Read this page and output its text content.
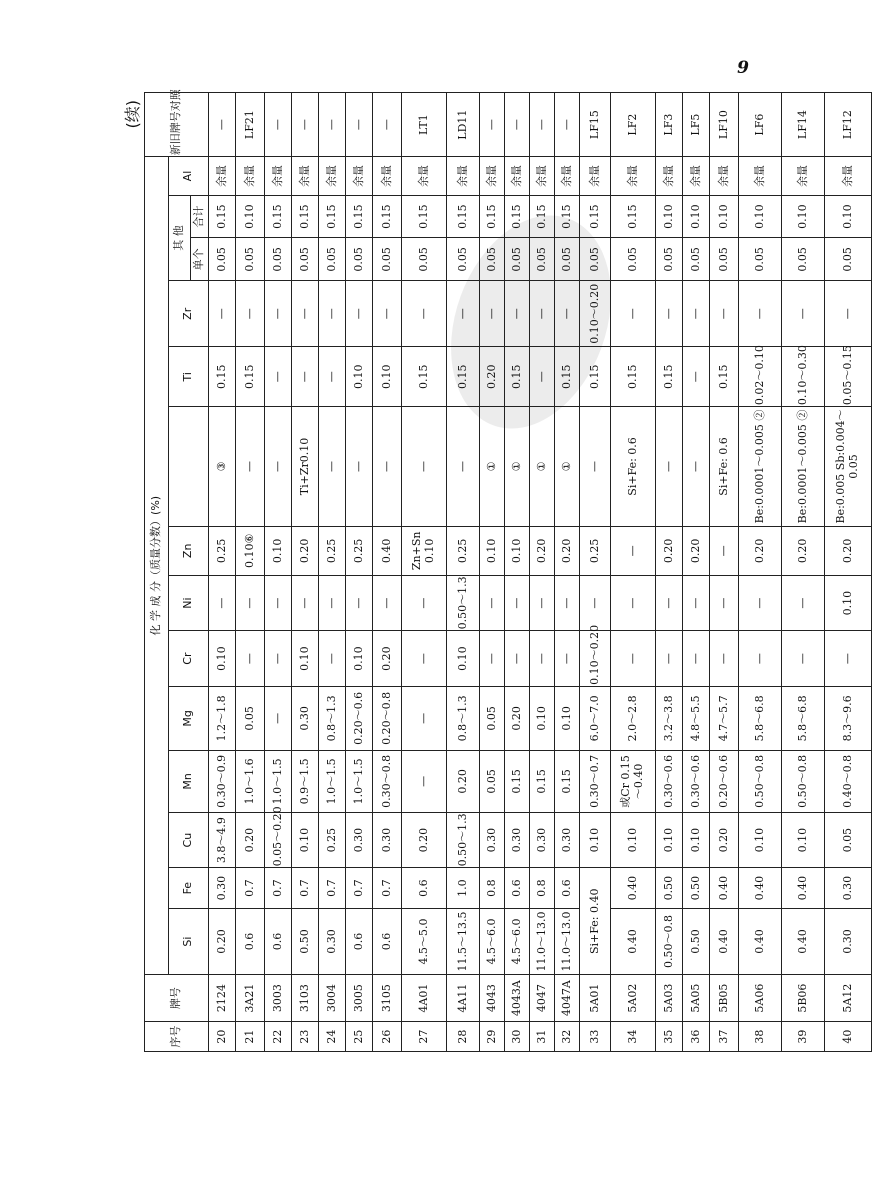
9
(续)
序号	牌号	化 学 成 分（质量分数）(%)														新旧牌号对照
		Si	Fe	Cu	Mn	Mg	Cr	Ni	Zn		Ti	Zr	其 他		Al	
													单个	合计		
20	2124	0.20	0.30	3.8～4.9	0.30～0.9	1.2～1.8	0.10	—	0.25	③	0.15	—	0.05	0.15	余量	—
21	3A21	0.6	0.7	0.20	1.0～1.6	0.05	—	—	0.10⑥	—	0.15	—	0.05	0.10	余量	LF21
22	3003	0.6	0.7	0.05～0.20	1.0～1.5	—	—	—	0.10	—	—	—	0.05	0.15	余量	—
23	3103	0.50	0.7	0.10	0.9～1.5	0.30	0.10	—	0.20	Ti+Zr0.10	—	—	0.05	0.15	余量	—
24	3004	0.30	0.7	0.25	1.0～1.5	0.8～1.3	—	—	0.25	—	—	—	0.05	0.15	余量	—
25	3005	0.6	0.7	0.30	1.0～1.5	0.20～0.6	0.10	—	0.25	—	0.10	—	0.05	0.15	余量	—
26	3105	0.6	0.7	0.30	0.30～0.8	0.20～0.8	0.20	—	0.40	—	0.10	—	0.05	0.15	余量	—
27	4A01	4.5～5.0	0.6	0.20	—	—	—	—	Zn+Sn 0.10	—	0.15	—	0.05	0.15	余量	LT1
28	4A11	11.5～13.5	1.0	0.50～1.3	0.20	0.8～1.3	0.10	0.50～1.3	0.25	—	0.15	—	0.05	0.15	余量	LD11
29	4043	4.5～6.0	0.8	0.30	0.05	0.05	—	—	0.10	①	0.20	—	0.05	0.15	余量	—
30	4043A	4.5～6.0	0.6	0.30	0.15	0.20	—	—	0.10	①	0.15	—	0.05	0.15	余量	—
31	4047	11.0～13.0	0.8	0.30	0.15	0.10	—	—	0.20	①	—	—	0.05	0.15	余量	—
32	4047A	11.0～13.0	0.6	0.30	0.15	0.10	—	—	0.20	①	0.15	—	0.05	0.15	余量	—
33	5A01	Si+Fe: 0.40		0.10	0.30～0.7	6.0～7.0	0.10～0.20	—	0.25	—	0.15	0.10～0.20	0.05	0.15	余量	LF15
34	5A02	0.40	0.40	0.10	或Cr 0.15～0.40	2.0～2.8	—	—	—	Si+Fe: 0.6	0.15	—	0.05	0.15	余量	LF2
35	5A03	0.50～0.8	0.50	0.10	0.30～0.6	3.2～3.8	—	—	0.20	—	0.15	—	0.05	0.10	余量	LF3
36	5A05	0.50	0.50	0.10	0.30～0.6	4.8～5.5	—	—	0.20	—	—	—	0.05	0.10	余量	LF5
37	5B05	0.40	0.40	0.20	0.20～0.6	4.7～5.7	—	—	—	Si+Fe: 0.6	0.15	—	0.05	0.10	余量	LF10
38	5A06	0.40	0.40	0.10	0.50～0.8	5.8～6.8	—	—	0.20	Be:0.0001～0.005 ②	0.02～0.10	—	0.05	0.10	余量	LF6
39	5B06	0.40	0.40	0.10	0.50～0.8	5.8～6.8	—	—	0.20	Be:0.0001～0.005 ②	0.10～0.30	—	0.05	0.10	余量	LF14
40	5A12	0.30	0.30	0.05	0.40～0.8	8.3～9.6	—	0.10	0.20	Be:0.005 Sb:0.004～0.05	0.05～0.15	—	0.05	0.10	余量	LF12
